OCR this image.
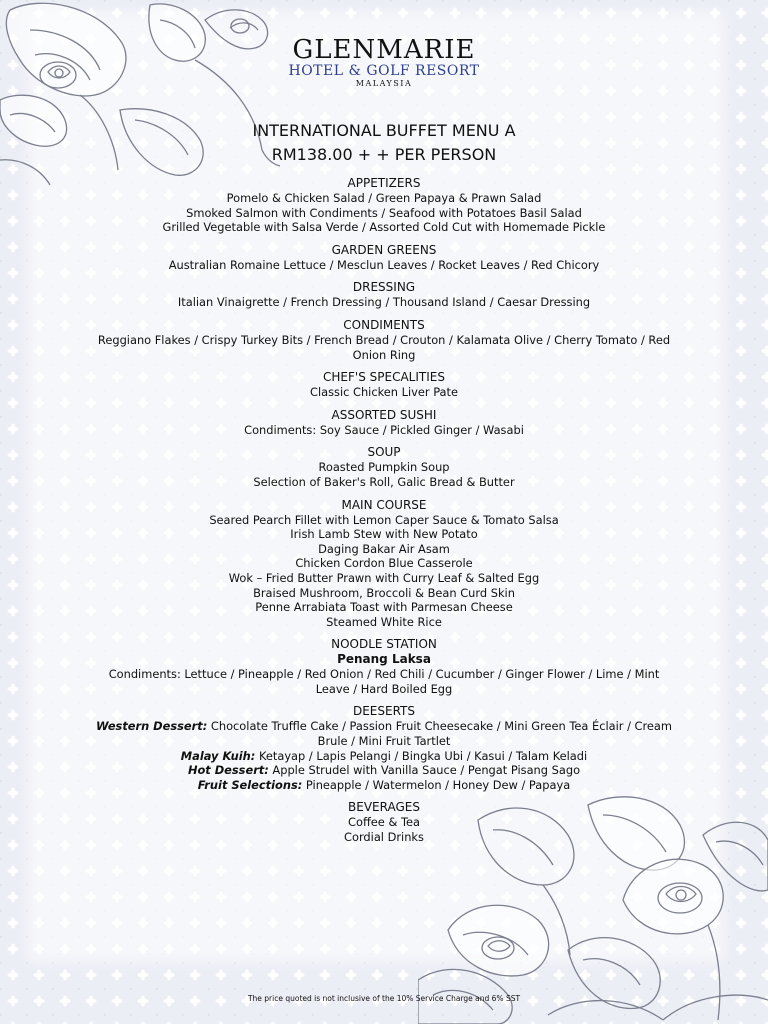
GLENMARIE
HOTEL & GOLF RESORT
MALAYSIA
INTERNATIONAL BUFFET MENU A
RM138.00 + + PER PERSON
APPETIZERS
Pomelo & Chicken Salad / Green Papaya & Prawn Salad
Smoked Salmon with Condiments / Seafood with Potatoes Basil Salad
Grilled Vegetable with Salsa Verde / Assorted Cold Cut with Homemade Pickle
GARDEN GREENS
Australian Romaine Lettuce / Mesclun Leaves / Rocket Leaves / Red Chicory
DRESSING
Italian Vinaigrette / French Dressing / Thousand Island / Caesar Dressing
CONDIMENTS
Reggiano Flakes / Crispy Turkey Bits / French Bread / Crouton / Kalamata Olive / Cherry Tomato / Red
Onion Ring
CHEF'S SPECALITIES
Classic Chicken Liver Pate
ASSORTED SUSHI
Condiments: Soy Sauce / Pickled Ginger / Wasabi
SOUP
Roasted Pumpkin Soup
Selection of Baker's Roll, Galic Bread & Butter
MAIN COURSE
Seared Pearch Fillet with Lemon Caper Sauce & Tomato Salsa
Irish Lamb Stew with New Potato
Daging Bakar Air Asam
Chicken Cordon Blue Casserole
Wok – Fried Butter Prawn with Curry Leaf & Salted Egg
Braised Mushroom, Broccoli & Bean Curd Skin
Penne Arrabiata Toast with Parmesan Cheese
Steamed White Rice
NOODLE STATION
Penang Laksa
Condiments: Lettuce / Pineapple / Red Onion / Red Chili / Cucumber / Ginger Flower / Lime / Mint
Leave / Hard Boiled Egg
DEESERTS
Western Dessert: Chocolate Truffle Cake / Passion Fruit Cheesecake / Mini Green Tea Éclair / Cream
Brule / Mini Fruit Tartlet
Malay Kuih: Ketayap / Lapis Pelangi / Bingka Ubi / Kasui / Talam Keladi
Hot Dessert: Apple Strudel with Vanilla Sauce / Pengat Pisang Sago
Fruit Selections: Pineapple / Watermelon / Honey Dew / Papaya
BEVERAGES
Coffee & Tea
Cordial Drinks
The price quoted is not inclusive of the 10% Service Charge and 6% SST
